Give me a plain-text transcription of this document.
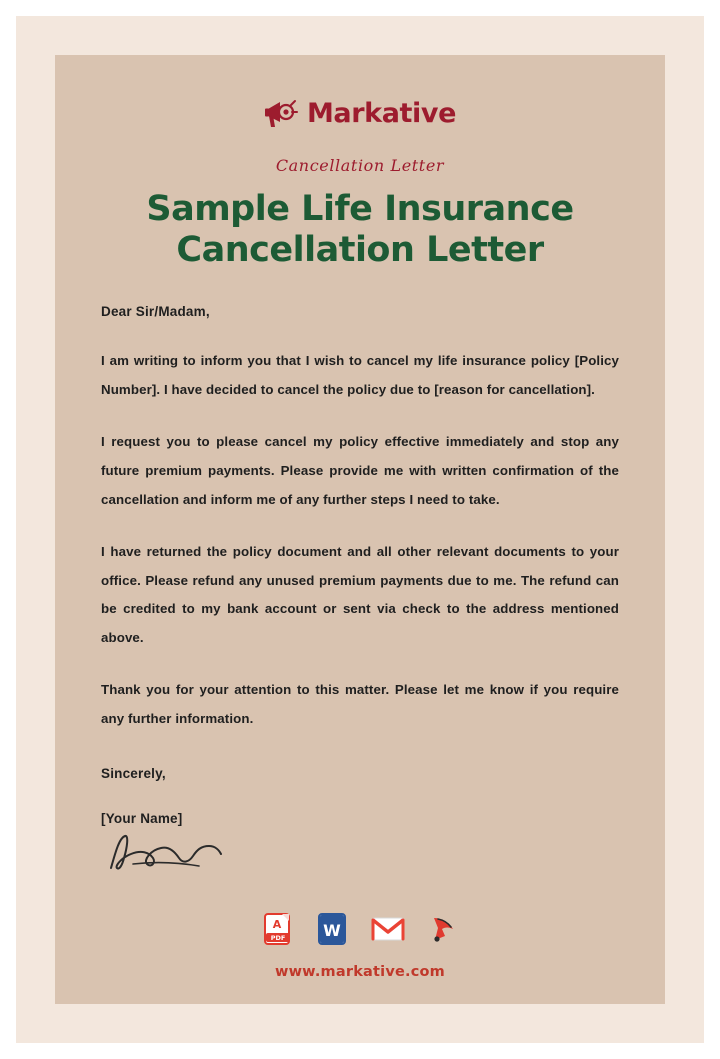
Markative
Cancellation Letter
Sample Life Insurance
Cancellation Letter
Dear Sir/Madam,

I am writing to inform you that I wish to cancel my life insurance policy [Policy Number]. I have decided to cancel the policy due to [reason for cancellation].

I request you to please cancel my policy effective immediately and stop any future premium payments. Please provide me with written confirmation of the cancellation and inform me of any further steps I need to take.

I have returned the policy document and all other relevant documents to your office. Please refund any unused premium payments due to me. The refund can be credited to my bank account or sent via check to the address mentioned above.

Thank you for your attention to this matter. Please let me know if you require any further information.

Sincerely,
[Your Name]
A
PDF W
www.markative.com
